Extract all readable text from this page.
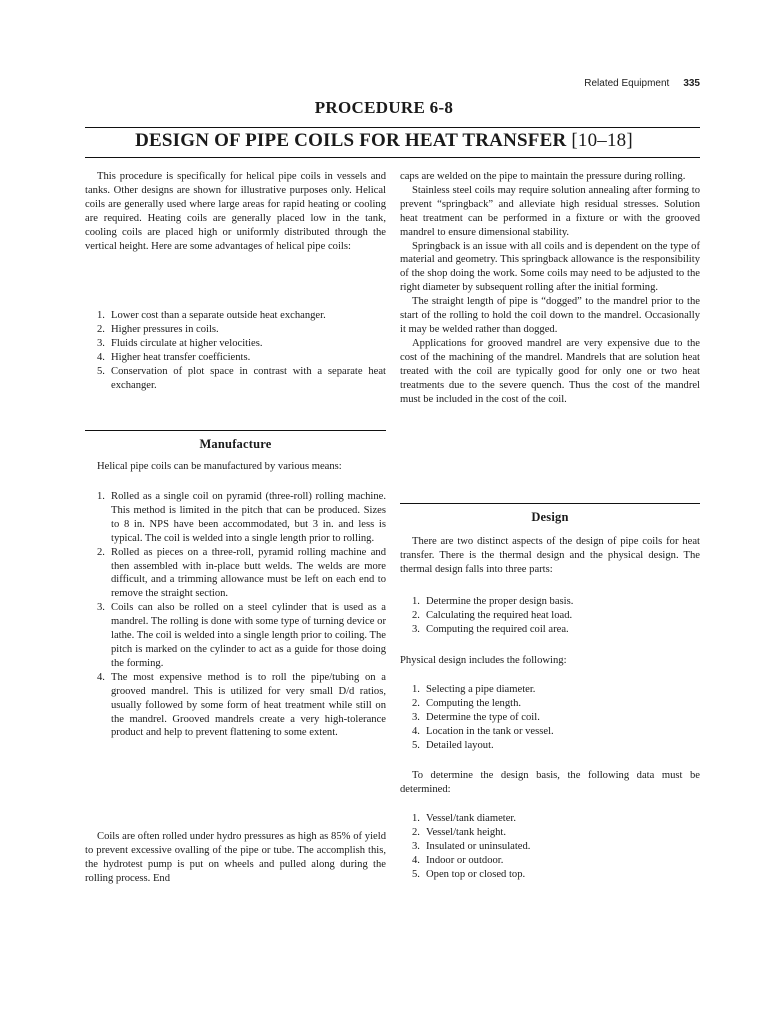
Related Equipment 335
PROCEDURE 6-8
DESIGN OF PIPE COILS FOR HEAT TRANSFER [10–18]

This procedure is specifically for helical pipe coils in vessels and tanks. Other designs are shown for illustrative purposes only. Helical coils are generally used where large areas for rapid heating or cooling are required. Heating coils are generally placed low in the tank, cooling coils are placed high or uniformly distributed through the vertical height. Here are some advantages of helical pipe coils:

1. Lower cost than a separate outside heat exchanger.
2. Higher pressures in coils.
3. Fluids circulate at higher velocities.
4. Higher heat transfer coefficients.
5. Conservation of plot space in contrast with a separate heat exchanger.
Manufacture

Helical pipe coils can be manufactured by various means:

1. Rolled as a single coil on pyramid (three-roll) rolling machine. This method is limited in the pitch that can be produced. Sizes to 8 in. NPS have been accommodated, but 3 in. and less is typical. The coil is welded into a single length prior to rolling.
2. Rolled as pieces on a three-roll, pyramid rolling machine and then assembled with in-place butt welds. The welds are more difficult, and a trimming allowance must be left on each end to remove the straight section.
3. Coils can also be rolled on a steel cylinder that is used as a mandrel. The rolling is done with some type of turning device or lathe. The coil is welded into a single length prior to coiling. The pitch is marked on the cylinder to act as a guide for those doing the forming.
4. The most expensive method is to roll the pipe/tubing on a grooved mandrel. This is utilized for very small D/d ratios, usually followed by some form of heat treatment while still on the mandrel. Grooved mandrels create a very high-tolerance product and help to prevent flattening to some extent.

Coils are often rolled under hydro pressures as high as 85% of yield to prevent excessive ovalling of the pipe or tube. The accomplish this, the hydrotest pump is put on wheels and pulled along during the rolling process. End

caps are welded on the pipe to maintain the pressure during rolling.

Stainless steel coils may require solution annealing after forming to prevent “springback” and alleviate high residual stresses. Solution heat treatment can be performed in a fixture or with the grooved mandrel to ensure dimensional stability.

Springback is an issue with all coils and is dependent on the type of material and geometry. This springback allowance is the responsibility of the shop doing the work. Some coils may need to be adjusted to the right diameter by subsequent rolling after the initial forming.

The straight length of pipe is “dogged” to the mandrel prior to the start of the rolling to hold the coil down to the mandrel. Occasionally it may be welded rather than dogged.

Applications for grooved mandrel are very expensive due to the cost of the machining of the mandrel. Mandrels that are solution heat treated with the coil are typically good for only one or two heat treatments due to the severe quench. Thus the cost of the mandrel must be included in the cost of the coil.

Design

There are two distinct aspects of the design of pipe coils for heat transfer. There is the thermal design and the physical design. The thermal design falls into three parts:

1. Determine the proper design basis.
2. Calculating the required heat load.
3. Computing the required coil area.

Physical design includes the following:

1. Selecting a pipe diameter.
2. Computing the length.
3. Determine the type of coil.
4. Location in the tank or vessel.
5. Detailed layout.

To determine the design basis, the following data must be determined:

1. Vessel/tank diameter.
2. Vessel/tank height.
3. Insulated or uninsulated.
4. Indoor or outdoor.
5. Open top or closed top.
